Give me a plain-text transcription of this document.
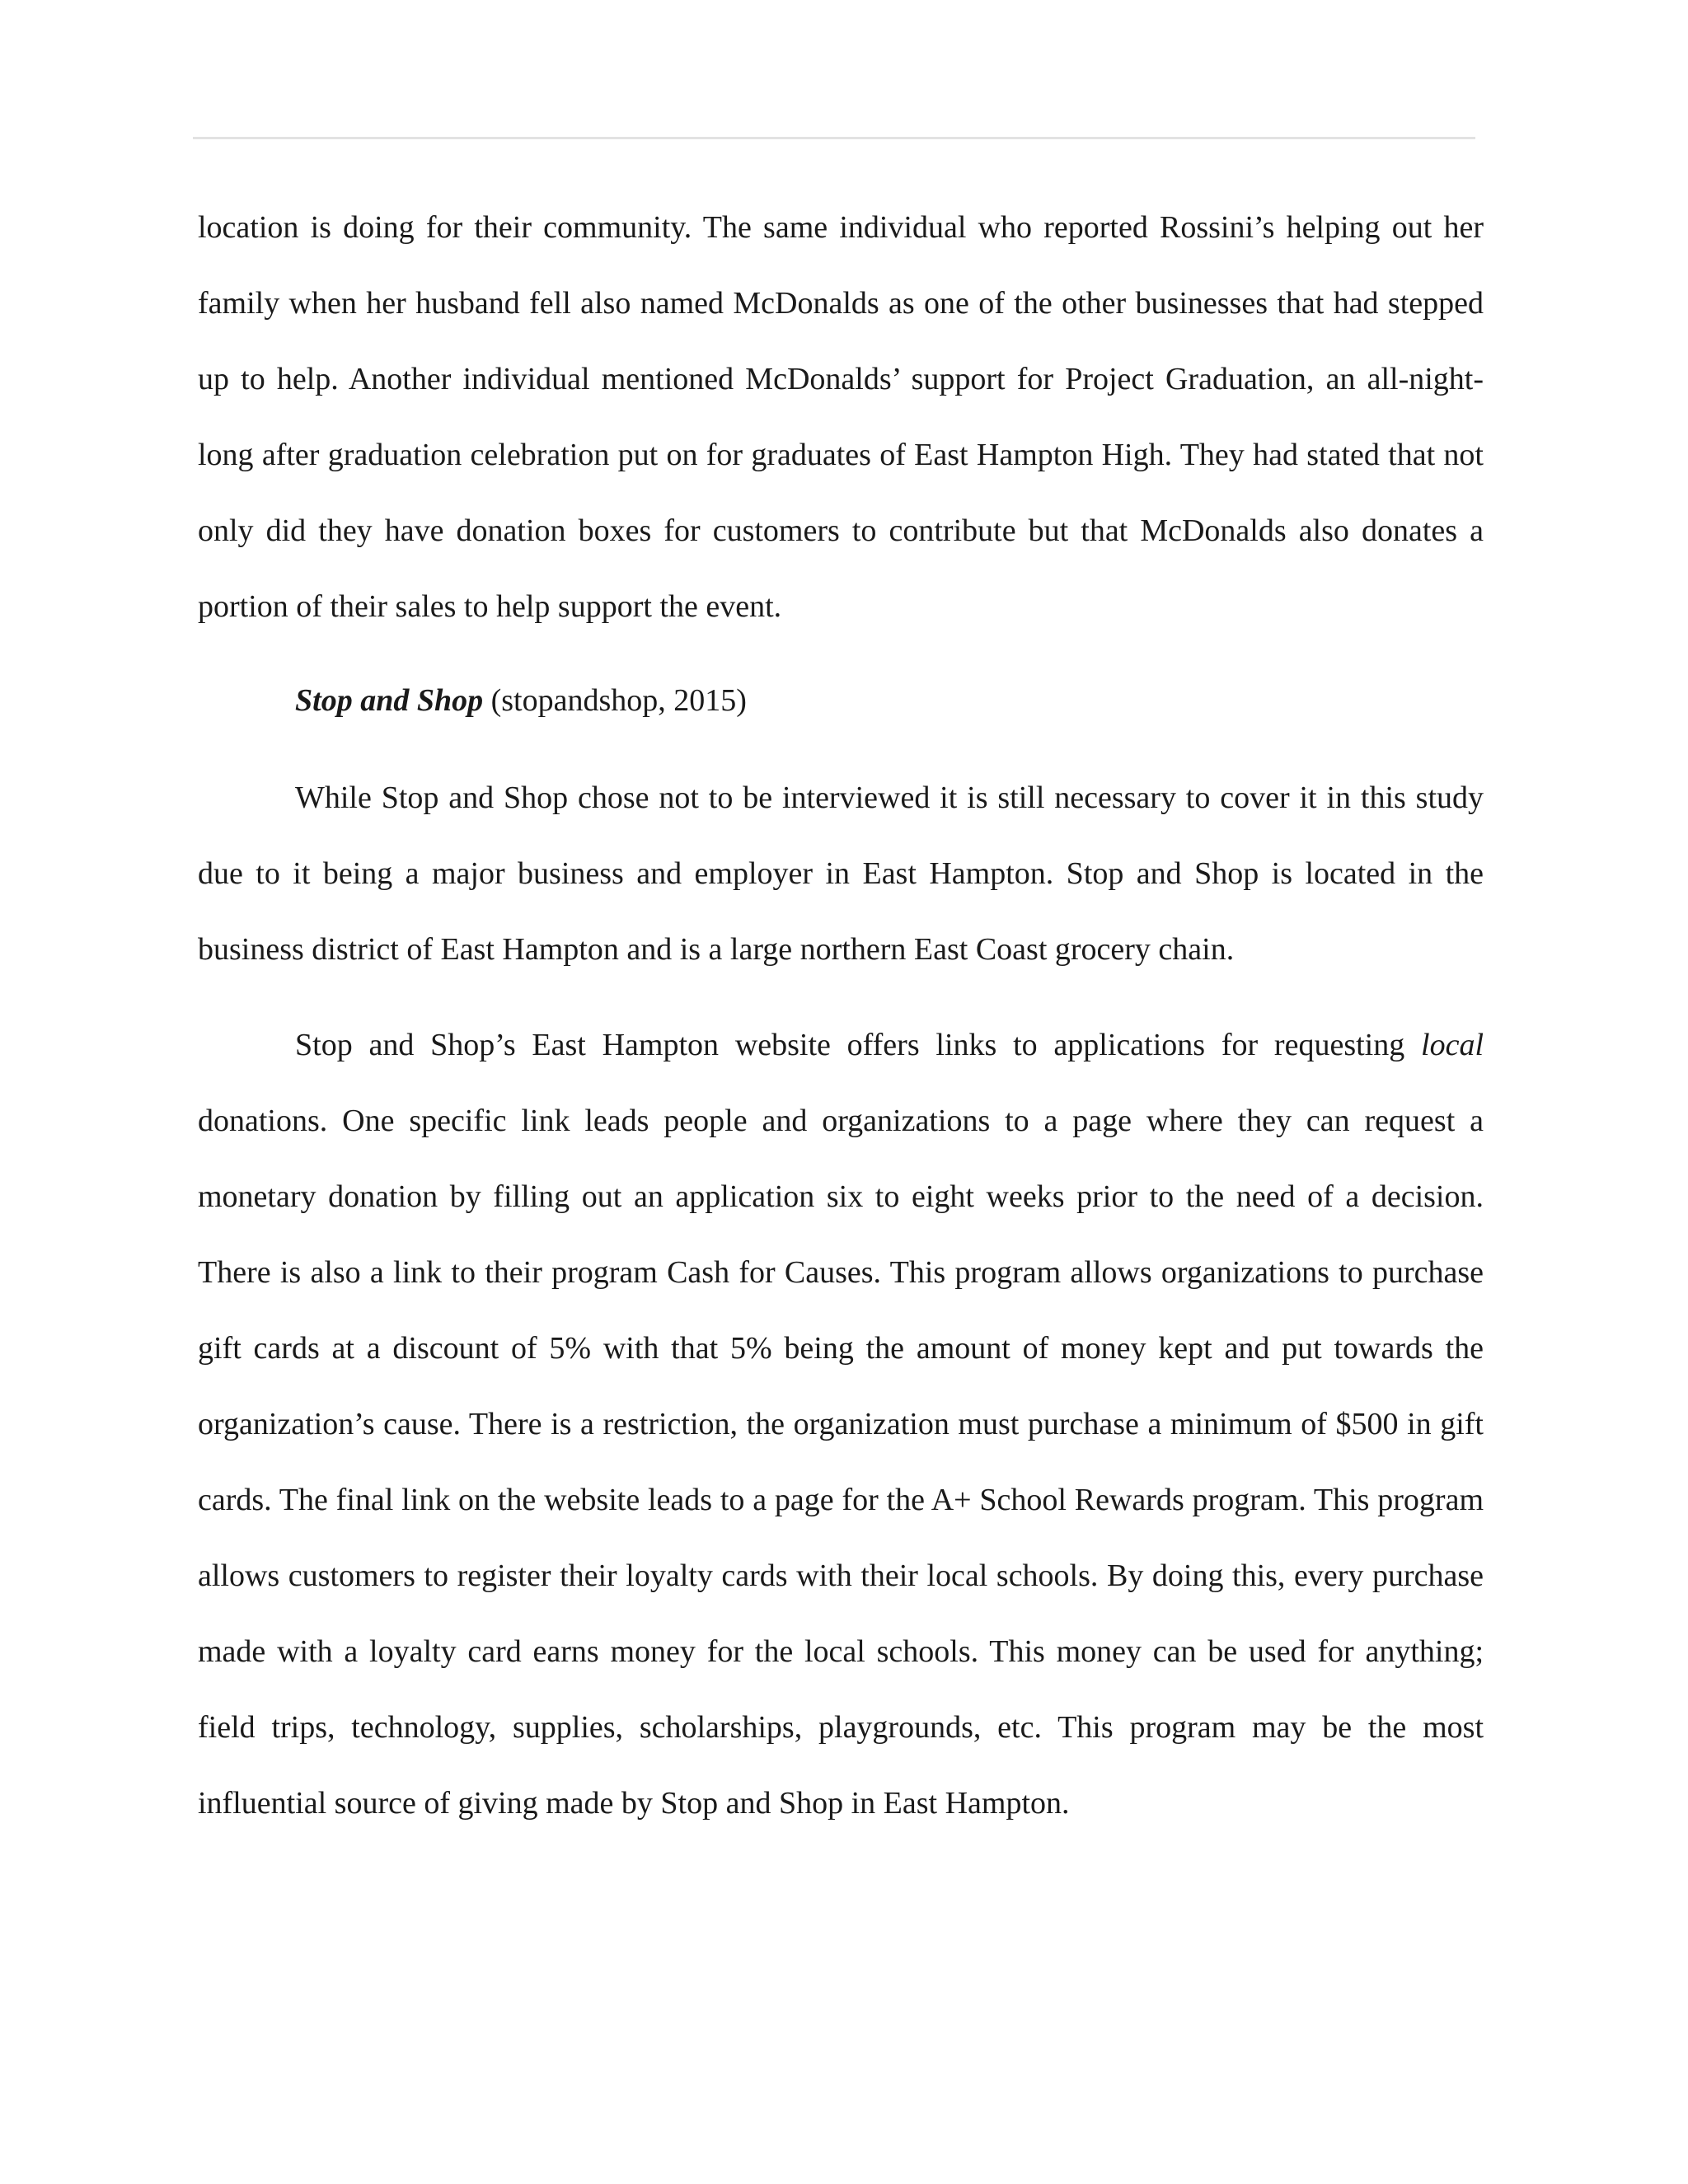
location is doing for their community. The same individual who reported Rossini’s helping out her family when her husband fell also named McDonalds as one of the other businesses that had stepped up to help. Another individual mentioned McDonalds’ support for Project Graduation, an all-night-long after graduation celebration put on for graduates of East Hampton High. They had stated that not only did they have donation boxes for customers to contribute but that McDonalds also donates a portion of their sales to help support the event.

Stop and Shop (stopandshop, 2015)

While Stop and Shop chose not to be interviewed it is still necessary to cover it in this study due to it being a major business and employer in East Hampton. Stop and Shop is located in the business district of East Hampton and is a large northern East Coast grocery chain.

Stop and Shop’s East Hampton website offers links to applications for requesting local donations. One specific link leads people and organizations to a page where they can request a monetary donation by filling out an application six to eight weeks prior to the need of a decision. There is also a link to their program Cash for Causes. This program allows organizations to purchase gift cards at a discount of 5% with that 5% being the amount of money kept and put towards the organization’s cause. There is a restriction, the organization must purchase a minimum of $500 in gift cards. The final link on the website leads to a page for the A+ School Rewards program. This program allows customers to register their loyalty cards with their local schools. By doing this, every purchase made with a loyalty card earns money for the local schools. This money can be used for anything; field trips, technology, supplies, scholarships, playgrounds, etc. This program may be the most influential source of giving made by Stop and Shop in East Hampton.
